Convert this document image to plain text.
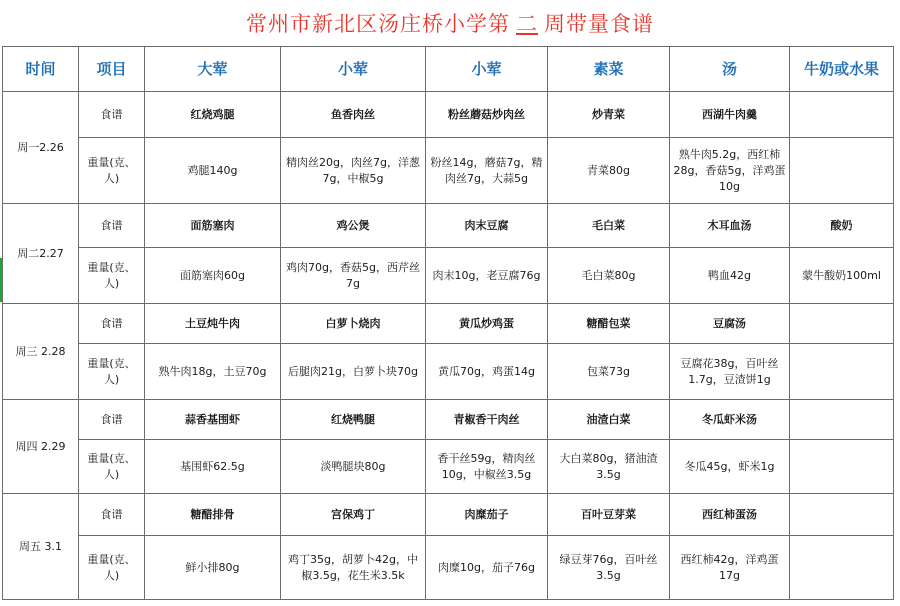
常州市新北区汤庄桥小学第 二 周带量食谱
时间	项目	大荤	小荤	小荤	素菜	汤	牛奶或水果
周一2.26	食谱	红烧鸡腿	鱼香肉丝	粉丝蘑菇炒肉丝	炒青菜	西湖牛肉羹	
	重量(克、人)	鸡腿140g	精肉丝20g，肉丝7g，洋葱7g，中椒5g	粉丝14g，蘑菇7g，精肉丝7g，大蒜5g	青菜80g	熟牛肉5.2g，西红柿28g，香菇5g，洋鸡蛋10g	
周二2.27	食谱	面筋塞肉	鸡公煲	肉末豆腐	毛白菜	木耳血汤	酸奶
	重量(克、人)	面筋塞肉60g	鸡肉70g，香菇5g，西芹丝7g	肉末10g，老豆腐76g	毛白菜80g	鸭血42g	蒙牛酸奶100ml
周三 2.28	食谱	土豆炖牛肉	白萝卜烧肉	黄瓜炒鸡蛋	糖醋包菜	豆腐汤	
	重量(克、人)	熟牛肉18g，土豆70g	后腿肉21g，白萝卜块70g	黄瓜70g，鸡蛋14g	包菜73g	豆腐花38g，百叶丝1.7g，豆渣饼1g	
周四 2.29	食谱	蒜香基围虾	红烧鸭腿	青椒香干肉丝	油渣白菜	冬瓜虾米汤	
	重量(克、人)	基围虾62.5g	淡鸭腿块80g	香干丝59g，精肉丝10g，中椒丝3.5g	大白菜80g，猪油渣3.5g	冬瓜45g，虾米1g	
周五 3.1	食谱	糖醋排骨	宫保鸡丁	肉糜茄子	百叶豆芽菜	西红柿蛋汤	
	重量(克、人)	鲜小排80g	鸡丁35g，胡萝卜42g，中椒3.5g，花生米3.5k	肉糜10g，茄子76g	绿豆芽76g，百叶丝3.5g	西红柿42g，洋鸡蛋17g	
